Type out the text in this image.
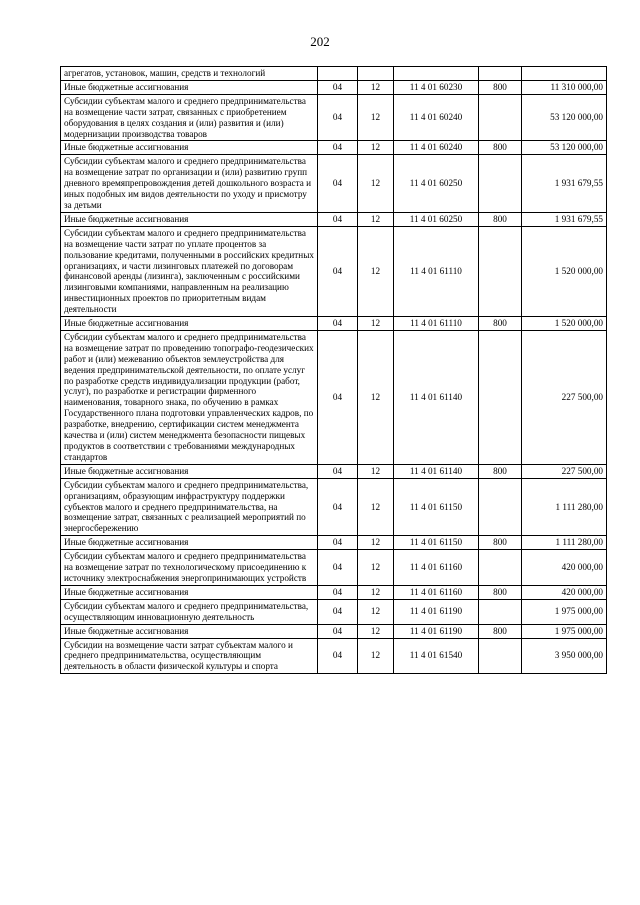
202
агрегатов, установок, машин, средств и технологий					
Иные бюджетные ассигнования	04	12	11 4 01 60230	800	11 310 000,00
Субсидии субъектам малого и среднего предпринимательства на возмещение части затрат, связанных с приобретением оборудования в целях создания и (или) развития и (или) модернизации производства товаров	04	12	11 4 01 60240		53 120 000,00
Иные бюджетные ассигнования	04	12	11 4 01 60240	800	53 120 000,00
Субсидии субъектам малого и среднего предпринимательства на возмещение затрат по организации и (или) развитию групп дневного времяпрепровождения детей дошкольного возраста и иных подобных им видов деятельности по уходу и присмотру за детьми	04	12	11 4 01 60250		1 931 679,55
Иные бюджетные ассигнования	04	12	11 4 01 60250	800	1 931 679,55
Субсидии субъектам малого и среднего предпринимательства на возмещение части затрат по уплате процентов за пользование кредитами, полученными в российских кредитных организациях, и части лизинговых платежей по договорам финансовой аренды (лизинга), заключенным с российскими лизинговыми компаниями, направленным на реализацию инвестиционных проектов по приоритетным видам деятельности	04	12	11 4 01 61110		1 520 000,00
Иные бюджетные ассигнования	04	12	11 4 01 61110	800	1 520 000,00
Субсидии субъектам малого и среднего предпринимательства на возмещение затрат по проведению топографо-геодезических работ и (или) межеванию объектов землеустройства для ведения предпринимательской деятельности, по оплате услуг по разработке средств индивидуализации продукции (работ, услуг), по разработке и регистрации фирменного наименования, товарного знака, по обучению в рамках Государственного плана подготовки управленческих кадров, по разработке, внедрению, сертификации систем менеджмента качества и (или) систем менеджмента безопасности пищевых продуктов в соответствии с требованиями международных стандартов	04	12	11 4 01 61140		227 500,00
Иные бюджетные ассигнования	04	12	11 4 01 61140	800	227 500,00
Субсидии субъектам малого и среднего предпринимательства, организациям, образующим инфраструктуру поддержки субъектов малого и среднего предпринимательства, на возмещение затрат, связанных с реализацией мероприятий по энергосбережению	04	12	11 4 01 61150		1 111 280,00
Иные бюджетные ассигнования	04	12	11 4 01 61150	800	1 111 280,00
Субсидии субъектам малого и среднего предпринимательства на возмещение затрат по технологическому присоединению к источнику электроснабжения энергопринимающих устройств	04	12	11 4 01 61160		420 000,00
Иные бюджетные ассигнования	04	12	11 4 01 61160	800	420 000,00
Субсидии субъектам малого и среднего предпринимательства, осуществляющим инновационную деятельность	04	12	11 4 01 61190		1 975 000,00
Иные бюджетные ассигнования	04	12	11 4 01 61190	800	1 975 000,00
Субсидии на возмещение части затрат субъектам малого и среднего предпринимательства, осуществляющим деятельность в области физической культуры и спорта	04	12	11 4 01 61540		3 950 000,00
